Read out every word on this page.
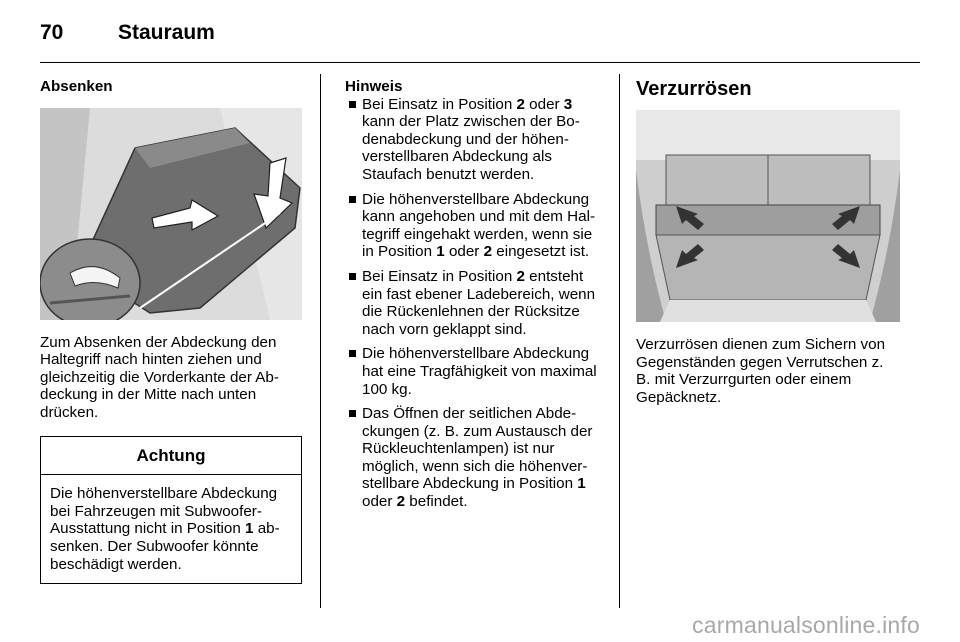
70	Stauraum
Absenken

Zum Absenken der Abdeckung den Haltegriff nach hinten ziehen und gleichzeitig die Vorderkante der Abdeckung in der Mitte nach unten drücken.

Achtung
Die höhenverstellbare Abdeckung bei Fahrzeugen mit Subwoofer-Ausstattung nicht in Position 1 absenken. Der Subwoofer könnte beschädigt werden.

Hinweis

Bei Einsatz in Position 2 oder 3 kann der Platz zwischen der Bodenabdeckung und der höhenverstellbaren Abdeckung als Staufach benutzt werden.
Die höhenverstellbare Abdeckung kann angehoben und mit dem Haltegriff eingehakt werden, wenn sie in Position 1 oder 2 eingesetzt ist.
Bei Einsatz in Position 2 entsteht ein fast ebener Ladebereich, wenn die Rückenlehnen der Rücksitze nach vorn geklappt sind.
Die höhenverstellbare Abdeckung hat eine Tragfähigkeit von maximal 100 kg.
Das Öffnen der seitlichen Abdeckungen (z. B. zum Austausch der Rückleuchtenlampen) ist nur möglich, wenn sich die höhenverstellbare Abdeckung in Position 1 oder 2 befindet.
Verzurrösen

Verzurrösen dienen zum Sichern von Gegenständen gegen Verrutschen z. B. mit Verzurrgurten oder einem Gepäcknetz.

carmanualsonline.info
